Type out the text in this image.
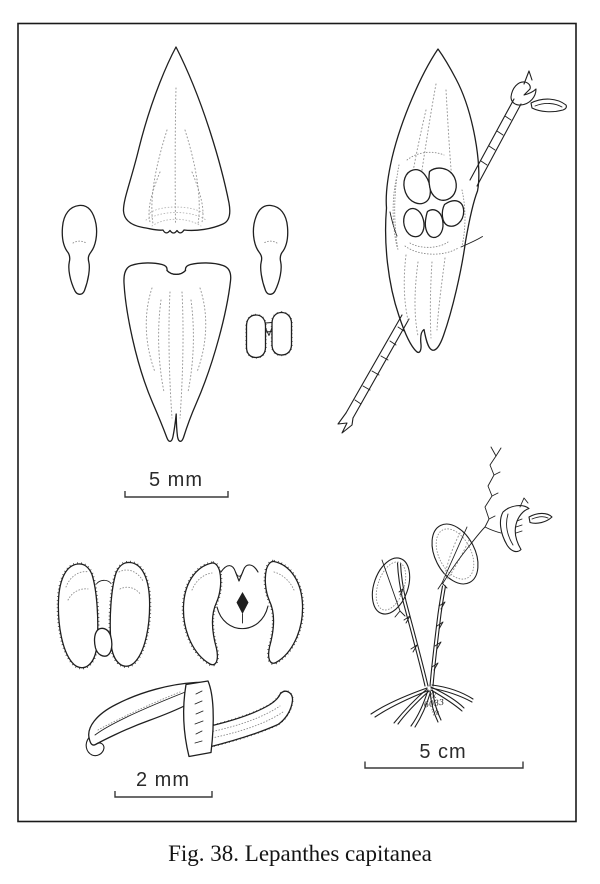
5 mm
2 mm
5 cm
ℛ
6033
⅞
Fig. 38. Lepanthes capitanea
